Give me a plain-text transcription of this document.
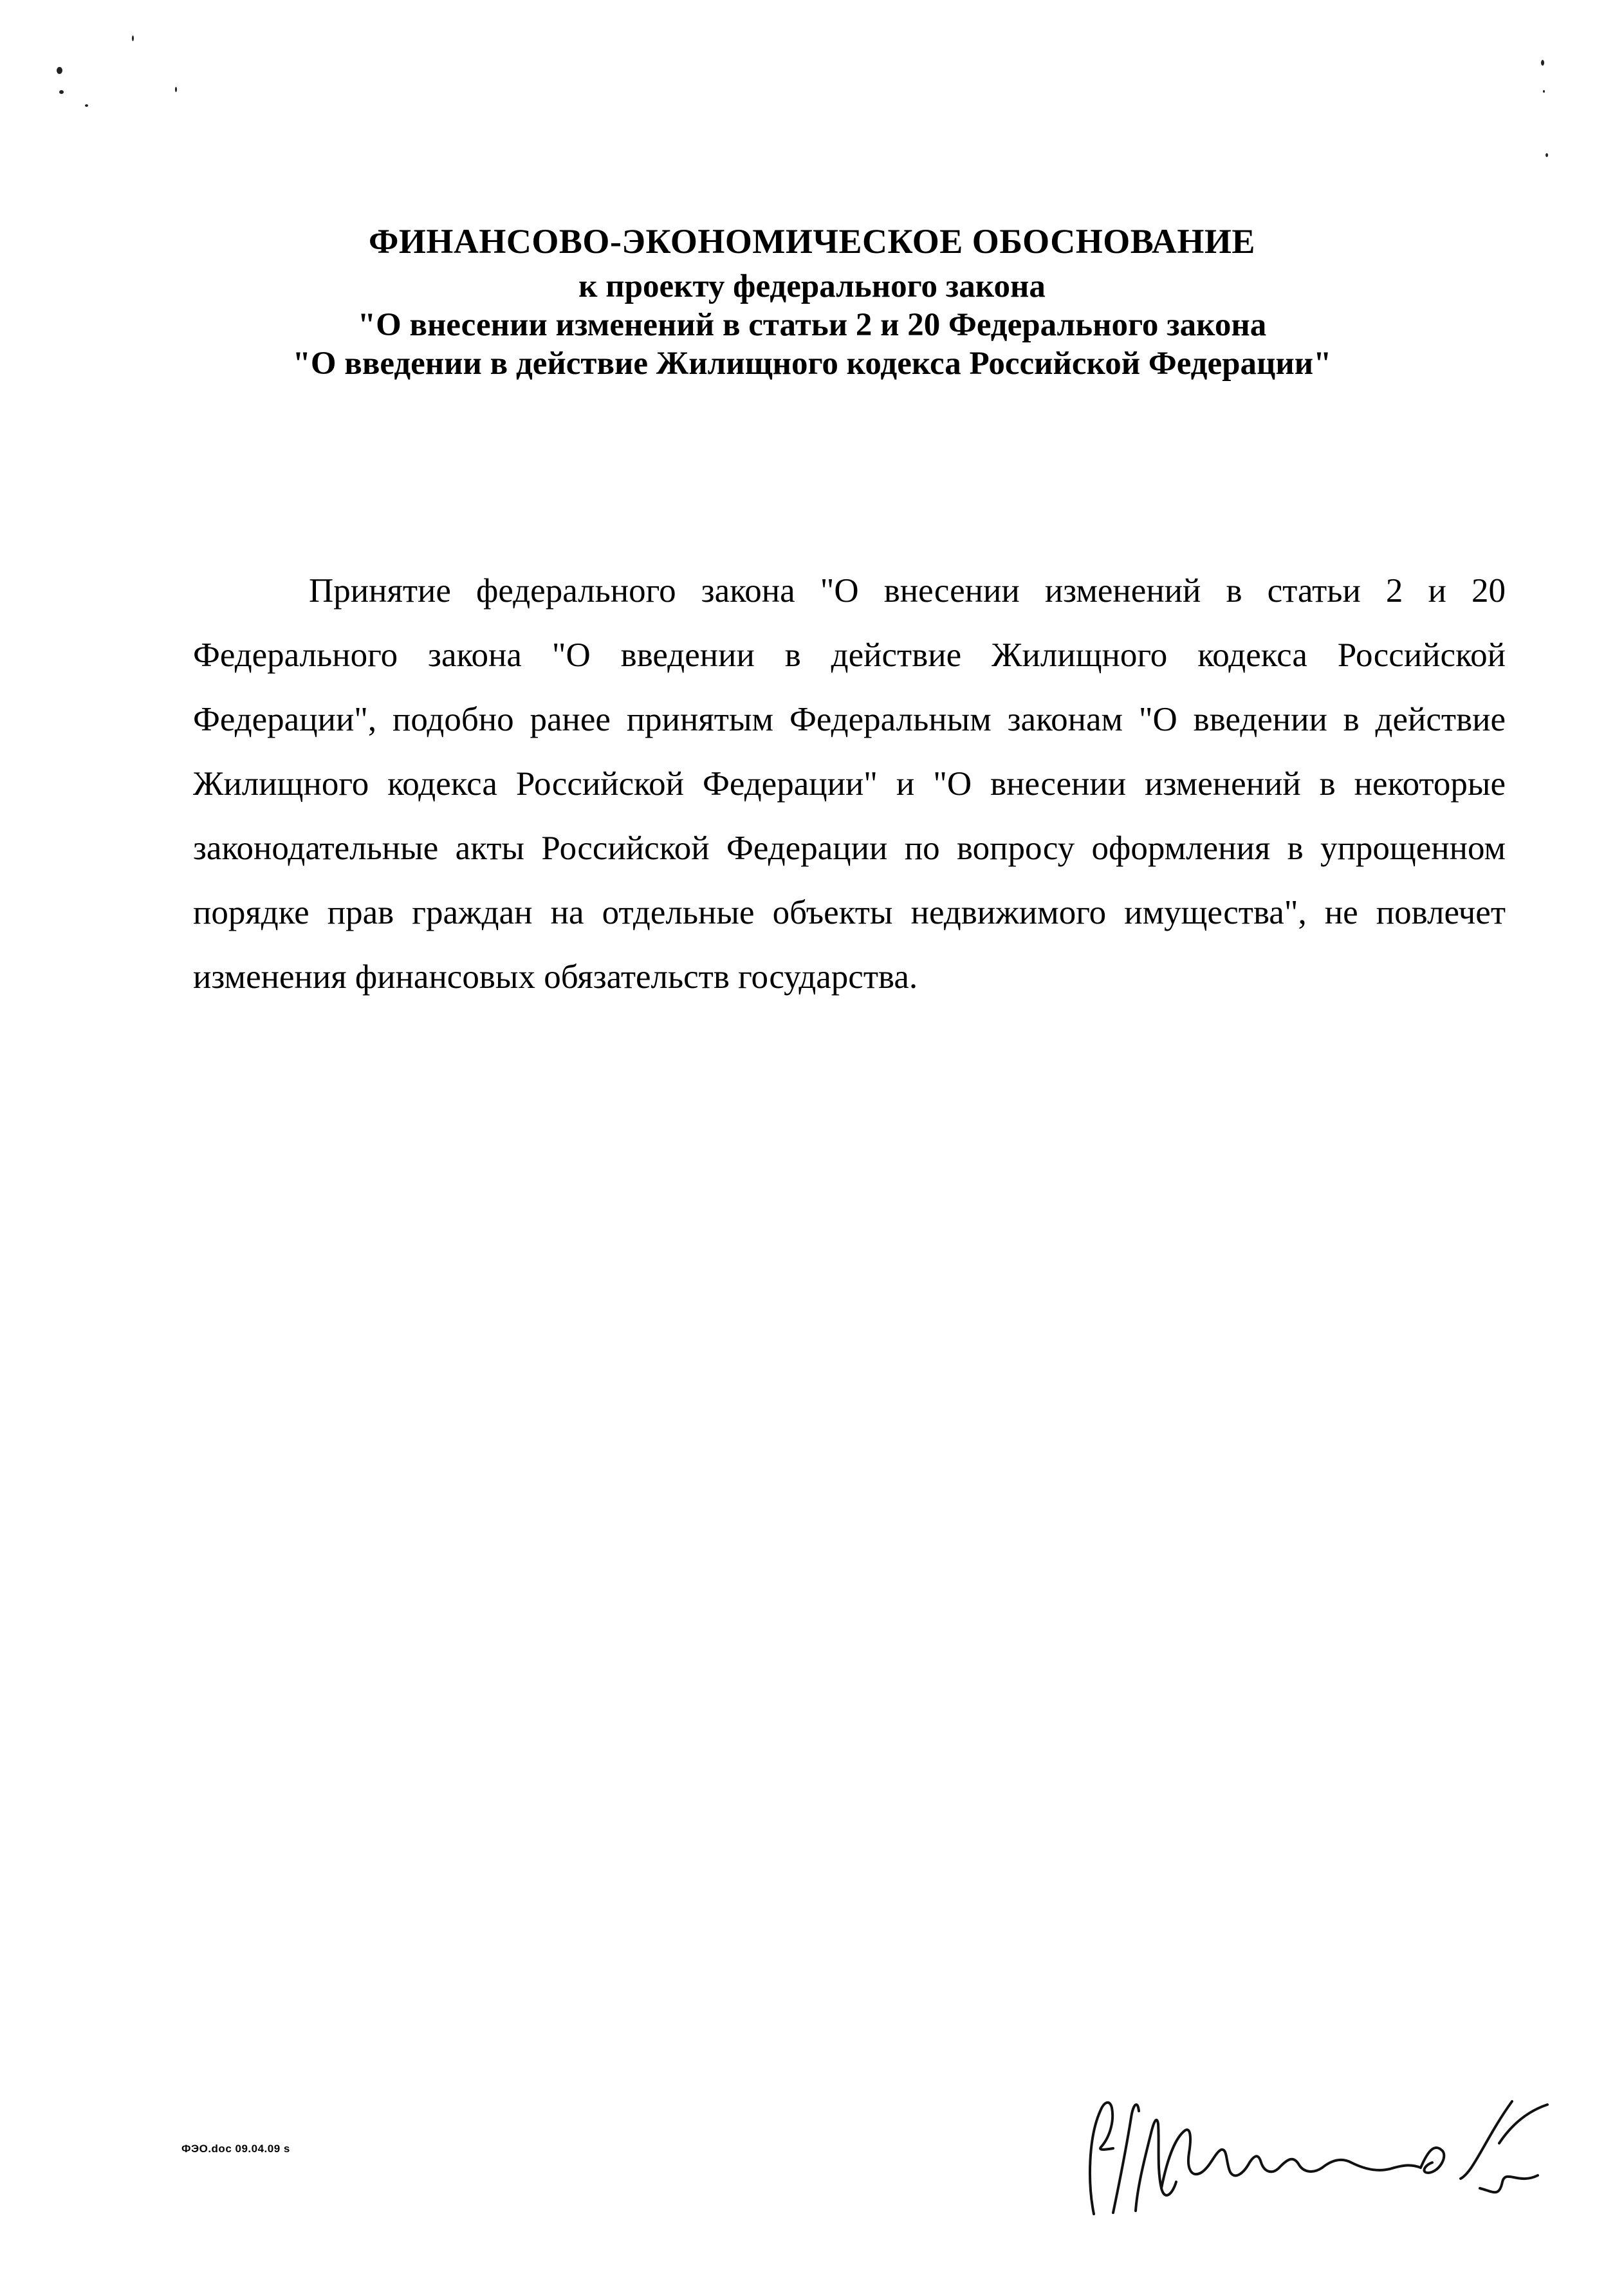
ФИНАНСОВО-ЭКОНОМИЧЕСКОЕ ОБОСНОВАНИЕ
к проекту федерального закона
"О внесении изменений в статьи 2 и 20 Федерального закона
"О введении в действие Жилищного кодекса Российской Федерации"

Принятие федерального закона "О внесении изменений в статьи 2 и 20 Федерального закона "О введении в действие Жилищного кодекса Российской Федерации", подобно ранее принятым Федеральным законам "О введении в действие Жилищного кодекса Российской Федерации" и "О внесении изменений в некоторые законодательные акты Российской Федерации по вопросу оформления в упрощенном порядке прав граждан на отдельные объекты недвижимого имущества", не повлечет изменения финансовых обязательств государства.

ФЭО.doc 09.04.09 s
